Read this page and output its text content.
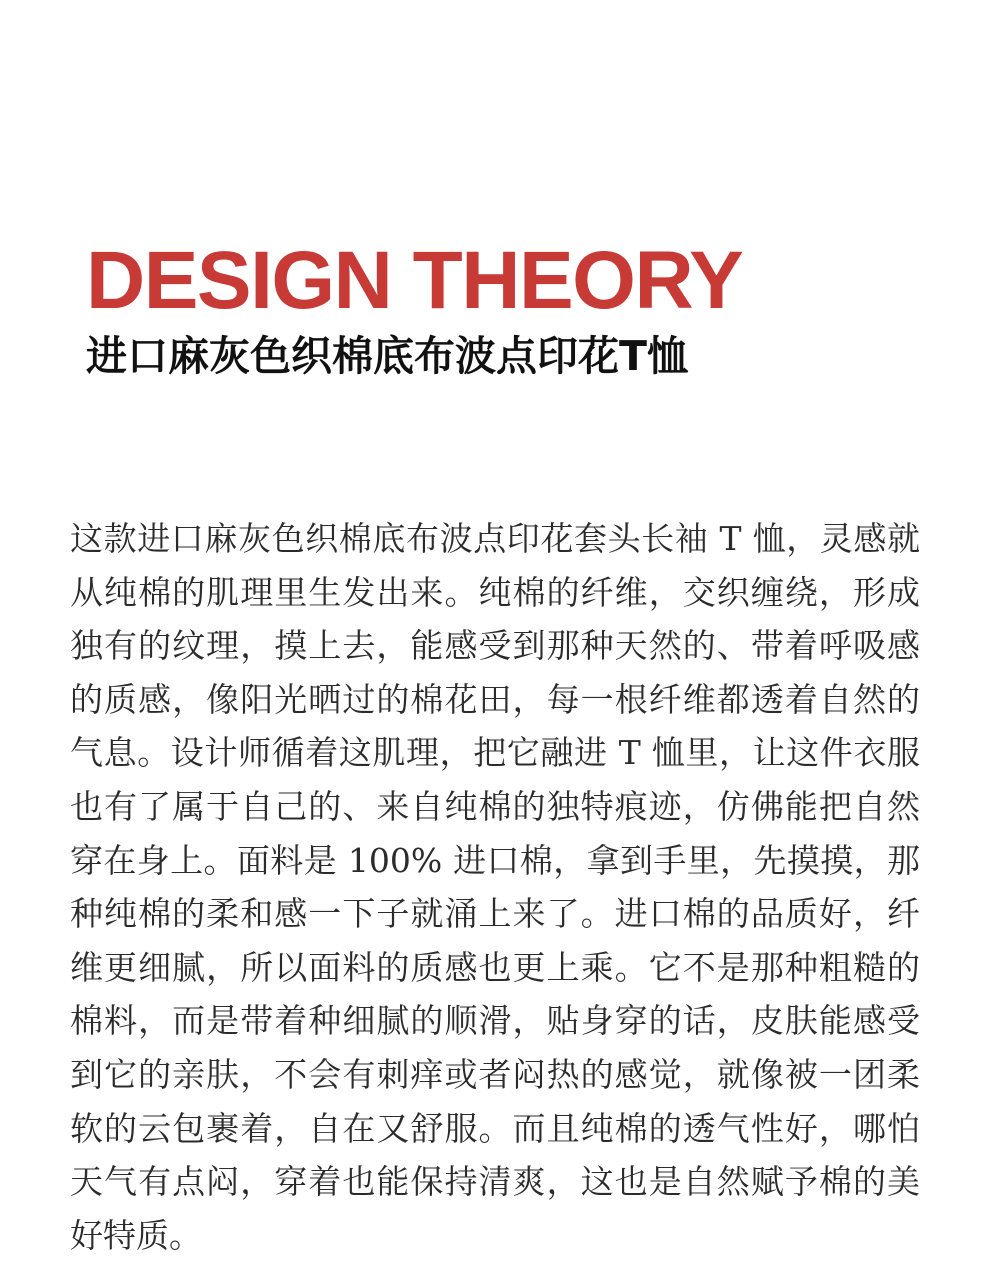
DESIGN THEORY
进口麻灰色织棉底布波点印花T恤

这款进口麻灰色织棉底布波点印花套头长袖 T 恤，灵感就从纯棉的肌理里生发出来。纯棉的纤维，交织缠绕，形成独有的纹理，摸上去，能感受到那种天然的、带着呼吸感的质感，像阳光晒过的棉花田，每一根纤维都透着自然的气息。设计师循着这肌理，把它融进 T 恤里，让这件衣服也有了属于自己的、来自纯棉的独特痕迹，仿佛能把自然穿在身上。面料是 100% 进口棉，拿到手里，先摸摸，那种纯棉的柔和感一下子就涌上来了。进口棉的品质好，纤维更细腻，所以面料的质感也更上乘。它不是那种粗糙的棉料，而是带着种细腻的顺滑，贴身穿的话，皮肤能感受到它的亲肤，不会有刺痒或者闷热的感觉，就像被一团柔软的云包裹着，自在又舒服。而且纯棉的透气性好，哪怕天气有点闷，穿着也能保持清爽，这也是自然赋予棉的美好特质。
